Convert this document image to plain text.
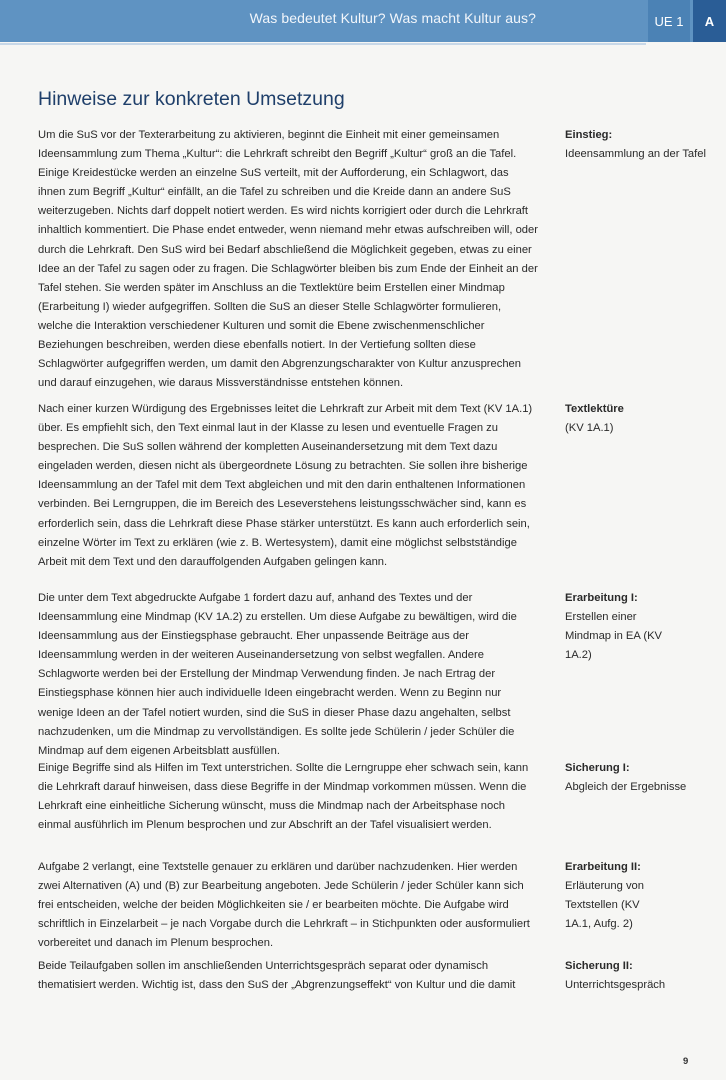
Was bedeutet Kultur? Was macht Kultur aus?	UE 1	A
Hinweise zur konkreten Umsetzung

Um die SuS vor der Texterarbeitung zu aktivieren, beginnt die Einheit mit einer gemeinsamen Ideensammlung zum Thema „Kultur“: die Lehrkraft schreibt den Begriff „Kultur“ groß an die Tafel. Einige Kreidestücke werden an einzelne SuS verteilt, mit der Aufforderung, ein Schlagwort, das ihnen zum Begriff „Kultur“ einfällt, an die Tafel zu schreiben und die Kreide dann an andere SuS weiterzugeben. Nichts darf doppelt notiert werden. Es wird nichts korrigiert oder durch die Lehrkraft inhaltlich kommentiert. Die Phase endet entweder, wenn niemand mehr etwas aufschreiben will, oder durch die Lehrkraft. Den SuS wird bei Bedarf abschließend die Möglichkeit gegeben, etwas zu einer Idee an der Tafel zu sagen oder zu fragen. Die Schlagwörter bleiben bis zum Ende der Einheit an der Tafel stehen. Sie werden später im Anschluss an die Textlektüre beim Erstellen einer Mindmap (Erarbeitung I) wieder aufgegriffen. Sollten die SuS an dieser Stelle Schlagwörter formulieren, welche die Interaktion verschiedener Kulturen und somit die Ebene zwischenmenschlicher Beziehungen beschreiben, werden diese ebenfalls notiert. In der Vertiefung sollten diese Schlagwörter aufgegriffen werden, um damit den Abgrenzungscharakter von Kultur anzusprechen und darauf einzugehen, wie daraus Missverständnisse entstehen können.

Nach einer kurzen Würdigung des Ergebnisses leitet die Lehrkraft zur Arbeit mit dem Text (KV 1A.1) über. Es empfiehlt sich, den Text einmal laut in der Klasse zu lesen und eventuelle Fragen zu besprechen. Die SuS sollen während der kompletten Auseinandersetzung mit dem Text dazu eingeladen werden, diesen nicht als übergeordnete Lösung zu betrachten. Sie sollen ihre bisherige Ideensammlung an der Tafel mit dem Text abgleichen und mit den darin enthaltenen Informationen verbinden. Bei Lerngruppen, die im Bereich des Leseverstehens leistungsschwächer sind, kann es erforderlich sein, dass die Lehrkraft diese Phase stärker unterstützt. Es kann auch erforderlich sein, einzelne Wörter im Text zu erklären (wie z. B. Wertesystem), damit eine möglichst selbstständige Arbeit mit dem Text und den darauffolgenden Aufgaben gelingen kann.

Die unter dem Text abgedruckte Aufgabe 1 fordert dazu auf, anhand des Textes und der Ideensammlung eine Mindmap (KV 1A.2) zu erstellen. Um diese Aufgabe zu bewältigen, wird die Ideensammlung aus der Einstiegsphase gebraucht. Eher unpassende Beiträge aus der Ideensammlung werden in der weiteren Auseinandersetzung von selbst wegfallen. Andere Schlagworte werden bei der Erstellung der Mindmap Verwendung finden. Je nach Ertrag der Einstiegsphase können hier auch individuelle Ideen eingebracht werden. Wenn zu Beginn nur wenige Ideen an der Tafel notiert wurden, sind die SuS in dieser Phase dazu angehalten, selbst nachzudenken, um die Mindmap zu vervollständigen. Es sollte jede Schülerin / jeder Schüler die Mindmap auf dem eigenen Arbeitsblatt ausfüllen.

Einige Begriffe sind als Hilfen im Text unterstrichen. Sollte die Lerngruppe eher schwach sein, kann die Lehrkraft darauf hinweisen, dass diese Begriffe in der Mindmap vorkommen müssen. Wenn die Lehrkraft eine einheitliche Sicherung wünscht, muss die Mindmap nach der Arbeitsphase noch einmal ausführlich im Plenum besprochen und zur Abschrift an der Tafel visualisiert werden.

Aufgabe 2 verlangt, eine Textstelle genauer zu erklären und darüber nachzudenken. Hier werden zwei Alternativen (A) und (B) zur Bearbeitung angeboten. Jede Schülerin / jeder Schüler kann sich frei entscheiden, welche der beiden Möglichkeiten sie / er bearbeiten möchte. Die Aufgabe wird schriftlich in Einzelarbeit – je nach Vorgabe durch die Lehrkraft – in Stichpunkten oder ausformuliert vorbereitet und danach im Plenum besprochen.

Beide Teilaufgaben sollen im anschließenden Unterrichtsgespräch separat oder dynamisch thematisiert werden. Wichtig ist, dass den SuS der „Abgrenzungseffekt“ von Kultur und die damit

Einstieg:
Ideensammlung an der Tafel
Textlektüre
(KV 1A.1)
Erarbeitung I:
Erstellen einer Mindmap in EA (KV 1A.2)
Sicherung I:
Abgleich der Ergebnisse
Erarbeitung II:
Erläuterung von Textstellen (KV 1A.1, Aufg. 2)
Sicherung II:
Unterrichtsgespräch
9
